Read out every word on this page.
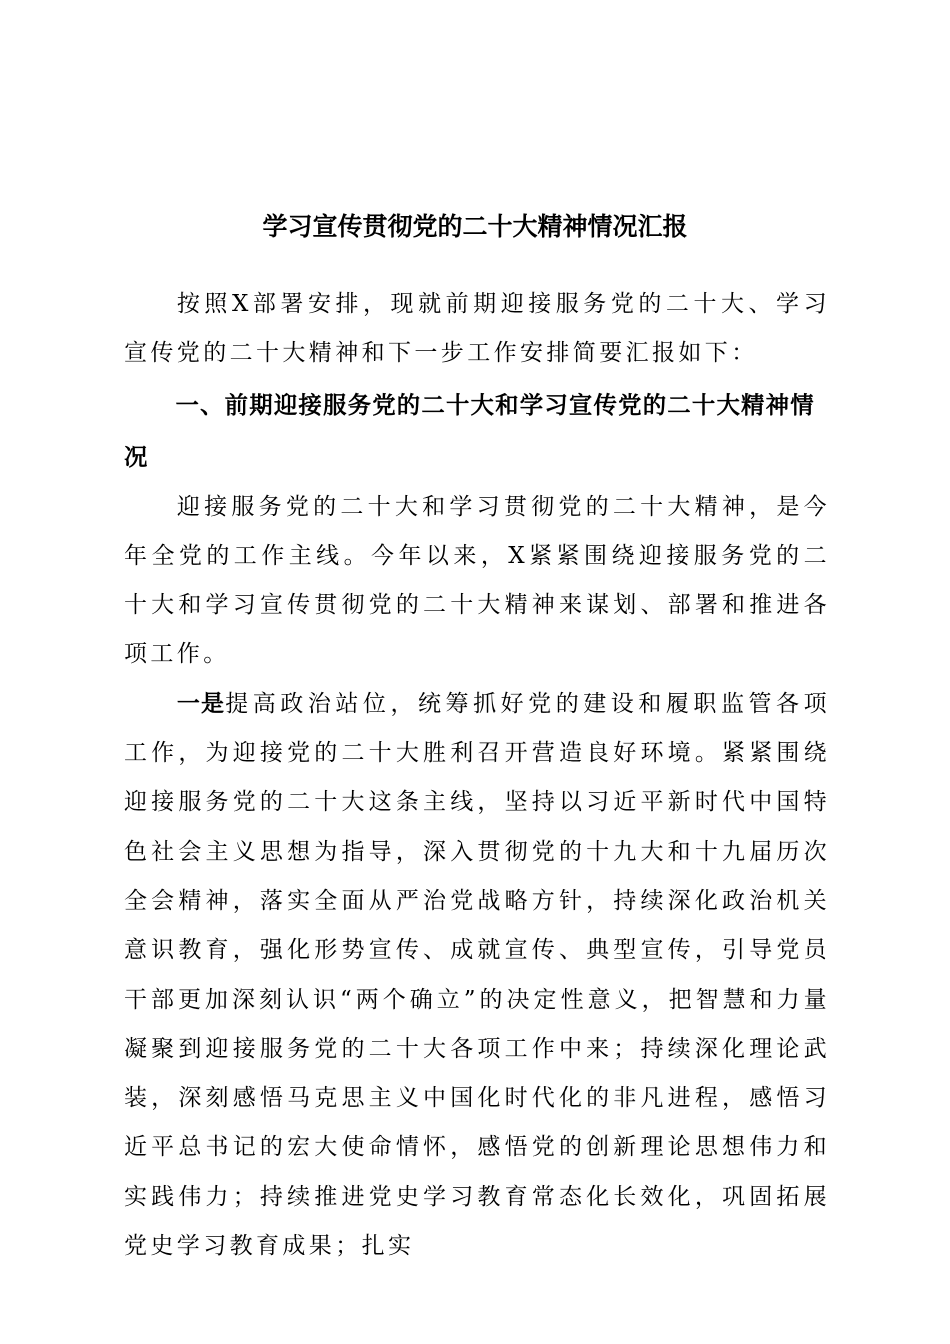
学习宣传贯彻党的二十大精神情况汇报

按照X部署安排，现就前期迎接服务党的二十大、学习宣传党的二十大精神和下一步工作安排简要汇报如下：

一、前期迎接服务党的二十大和学习宣传党的二十大精神情况

迎接服务党的二十大和学习贯彻党的二十大精神，是今年全党的工作主线。今年以来，X紧紧围绕迎接服务党的二十大和学习宣传贯彻党的二十大精神来谋划、部署和推进各项工作。

一是提高政治站位，统筹抓好党的建设和履职监管各项工作，为迎接党的二十大胜利召开营造良好环境。紧紧围绕迎接服务党的二十大这条主线，坚持以习近平新时代中国特色社会主义思想为指导，深入贯彻党的十九大和十九届历次全会精神，落实全面从严治党战略方针，持续深化政治机关意识教育，强化形势宣传、成就宣传、典型宣传，引导党员干部更加深刻认识“两个确立”的决定性意义，把智慧和力量凝聚到迎接服务党的二十大各项工作中来；持续深化理论武装，深刻感悟马克思主义中国化时代化的非凡进程，感悟习近平总书记的宏大使命情怀，感悟党的创新理论思想伟力和实践伟力；持续推进党史学习教育常态化长效化，巩固拓展党史学习教育成果；扎实
